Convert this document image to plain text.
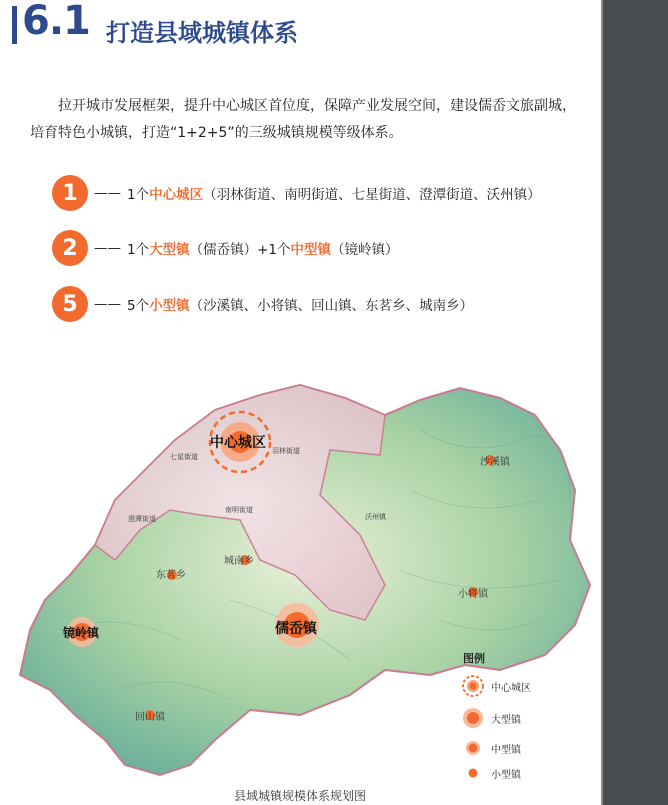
6.1 打造县域城镇体系
拉开城市发展框架，提升中心城区首位度，保障产业发展空间，建设儒岙文旅副城，培育特色小城镇，打造“1+2+5”的三级城镇规模等级体系。
1	—— 1个 中心城区 （羽林街道、南明街道、七星街道、澄潭街道、沃州镇）
2	—— 1个 大型镇 （儒岙镇）+1个 中型镇 （镜岭镇）
5	—— 5个 小型镇 （沙溪镇、小将镇、回山镇、东茗乡、城南乡）
中心城区
儒岙镇
镜岭镇
沙溪镇
小将镇
回山镇
东茗乡
城南乡
七星街道
羽林街道
南明街道
澄潭街道	沃州镇
图例
中心城区
大型镇
中型镇
小型镇
县域城镇规模体系规划图
